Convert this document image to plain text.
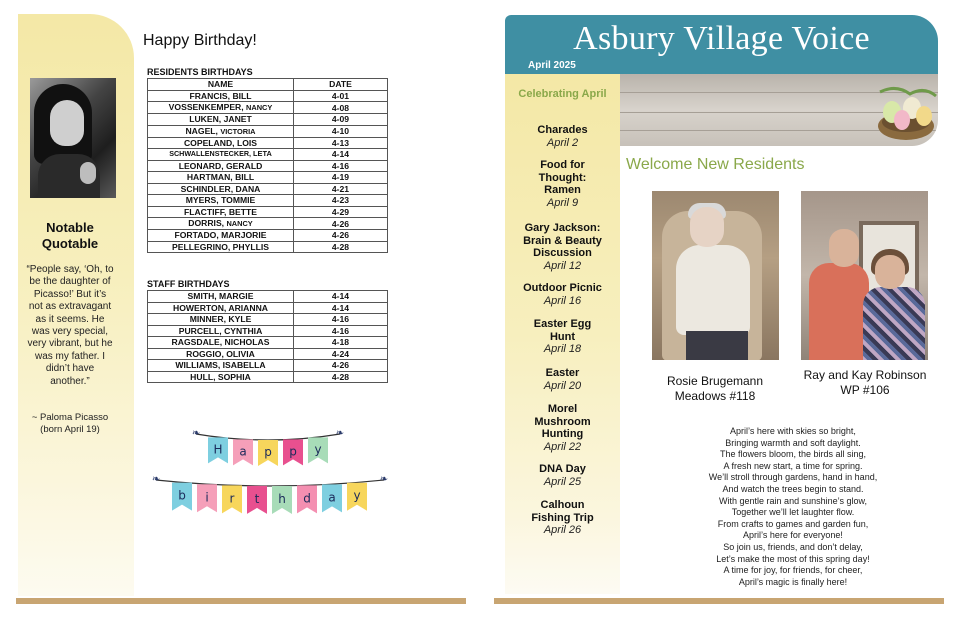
Notable Quotable
“People say, ‘Oh, to be the daughter of Picasso!’ But it’s not as extravagant as it seems. He was very special, very vibrant, but he was my father. I didn’t have another.”
~ Paloma Picasso (born April 19)
Happy Birthday!
RESIDENTS BIRTHDAYS
NAME	DATE
FRANCIS, BILL	4-01
VOSSENKEMPER, NANCY	4-08
LUKEN, JANET	4-09
NAGEL, VICTORIA	4-10
COPELAND, LOIS	4-13
SCHWALLENSTECKER, LETA	4-14
LEONARD, GERALD	4-16
HARTMAN, BILL	4-19
SCHINDLER, DANA	4-21
MYERS, TOMMIE	4-23
FLACTIFF, BETTE	4-29
DORRIS, NANCY	4-26
FORTADO, MARJORIE	4-26
PELLEGRINO, PHYLLIS	4-28
STAFF BIRTHDAYS
SMITH, MARGIE	4-14
HOWERTON, ARIANNA	4-14
MINNER, KYLE	4-16
PURCELL, CYNTHIA	4-16
RAGSDALE, NICHOLAS	4-18
ROGGIO, OLIVIA	4-24
WILLIAMS, ISABELLA	4-26
HULL, SOPHIA	4-28
❧	❧
H a p p y
❧	❧
b i r t h d a y
Asbury Village Voice
April 2025
Celebrating April
Charades
April 2
Food for Thought: Ramen
April 9
Gary Jackson: Brain & Beauty Discussion
April 12
Outdoor Picnic
April 16
Easter Egg Hunt
April 18
Easter
April 20
Morel Mushroom Hunting
April 22
DNA Day
April 25
Calhoun Fishing Trip
April 26
Welcome New Residents
Rosie Brugemann
Meadows #118
Ray and Kay Robinson
WP #106
April’s here with skies so bright,
Bringing warmth and soft daylight.
The flowers bloom, the birds all sing,
A fresh new start, a time for spring.
We’ll stroll through gardens, hand in hand,
And watch the trees begin to stand.
With gentle rain and sunshine’s glow,
Together we’ll let laughter flow.
From crafts to games and garden fun,
April’s here for everyone!
So join us, friends, and don’t delay,
Let’s make the most of this spring day!
A time for joy, for friends, for cheer,
April’s magic is finally here!
